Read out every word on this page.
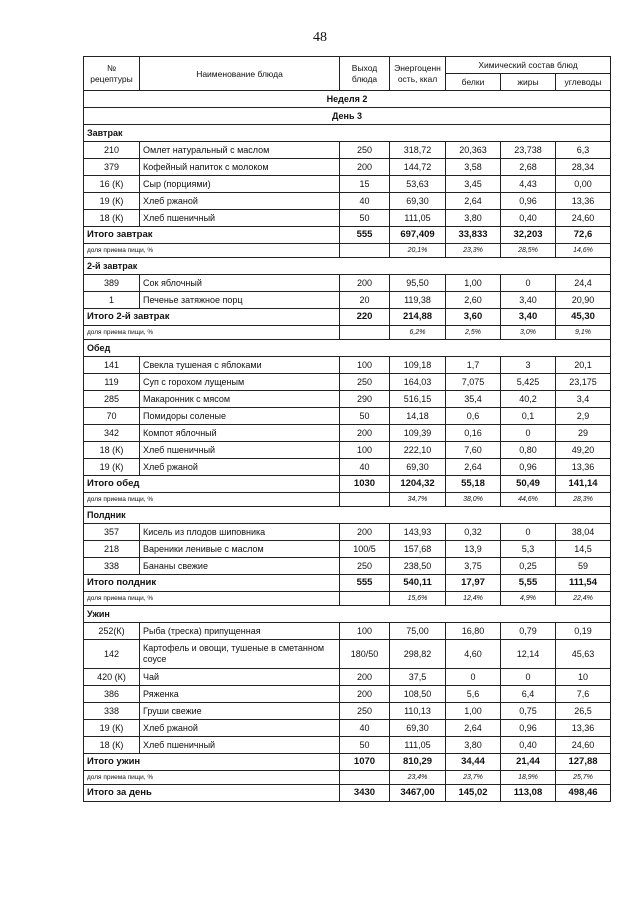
48
№ рецептуры	Наименование блюда	Выход блюда	Энергоценность, ккал	Химический состав блюд		
				белки	жиры	углеводы
Неделя 2						
День 3						
Завтрак						
210	Омлет натуральный с маслом	250	318,72	20,363	23,738	6,3
379	Кофейный напиток с молоком	200	144,72	3,58	2,68	28,34
16 (К)	Сыр (порциями)	15	53,63	3,45	4,43	0,00
19 (К)	Хлеб ржаной	40	69,30	2,64	0,96	13,36
18 (К)	Хлеб пшеничный	50	111,05	3,80	0,40	24,60
Итого завтрак		555	697,409	33,833	32,203	72,6
доля приема пищи, %			20,1%	23,3%	28,5%	14,6%
2-й завтрак						
389	Сок яблочный	200	95,50	1,00	0	24,4
1	Печенье затяжное порц	20	119,38	2,60	3,40	20,90
Итого 2-й завтрак		220	214,88	3,60	3,40	45,30
доля приема пищи, %			6,2%	2,5%	3,0%	9,1%
Обед						
141	Свекла тушеная с яблоками	100	109,18	1,7	3	20,1
119	Суп с горохом лущеным	250	164,03	7,075	5,425	23,175
285	Макаронник с мясом	290	516,15	35,4	40,2	3,4
70	Помидоры соленые	50	14,18	0,6	0,1	2,9
342	Компот яблочный	200	109,39	0,16	0	29
18 (К)	Хлеб пшеничный	100	222,10	7,60	0,80	49,20
19 (К)	Хлеб ржаной	40	69,30	2,64	0,96	13,36
Итого обед		1030	1204,32	55,18	50,49	141,14
доля приема пищи, %			34,7%	38,0%	44,6%	28,3%
Полдник						
357	Кисель из плодов шиповника	200	143,93	0,32	0	38,04
218	Вареники ленивые с маслом	100/5	157,68	13,9	5,3	14,5
338	Бананы свежие	250	238,50	3,75	0,25	59
Итого полдник		555	540,11	17,97	5,55	111,54
доля приема пищи, %			15,6%	12,4%	4,9%	22,4%
Ужин						
252(К)	Рыба (треска) припущенная	100	75,00	16,80	0,79	0,19
142	Картофель и овощи, тушеные в сметанном соусе	180/50	298,82	4,60	12,14	45,63
420 (К)	Чай	200	37,5	0	0	10
386	Ряженка	200	108,50	5,6	6,4	7,6
338	Груши свежие	250	110,13	1,00	0,75	26,5
19 (К)	Хлеб ржаной	40	69,30	2,64	0,96	13,36
18 (К)	Хлеб пшеничный	50	111,05	3,80	0,40	24,60
Итого ужин		1070	810,29	34,44	21,44	127,88
доля приема пищи, %			23,4%	23,7%	18,9%	25,7%
Итого за день		3430	3467,00	145,02	113,08	498,46
